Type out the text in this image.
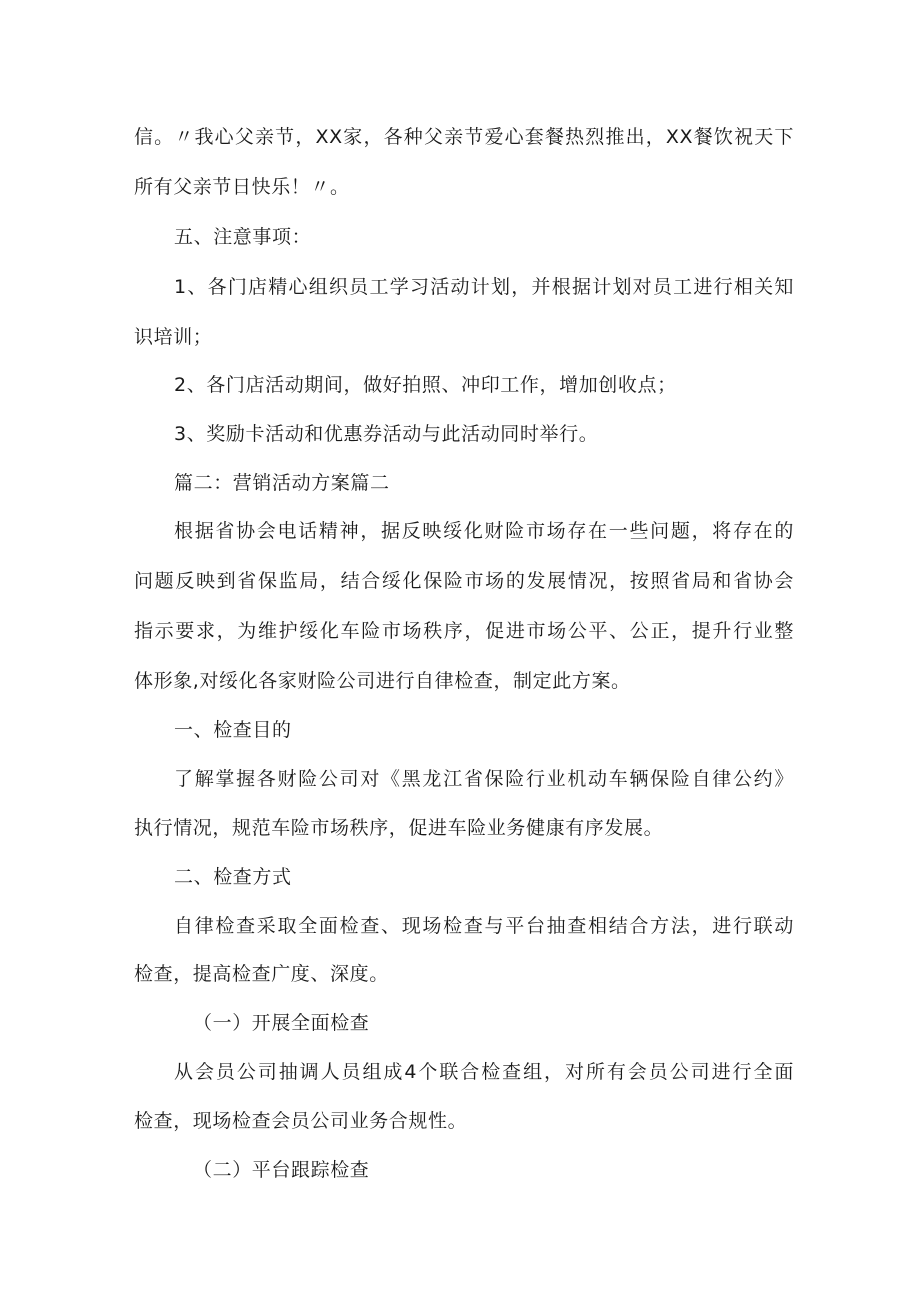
信。〃我心父亲节，XX家，各种父亲节爱心套餐热烈推出，XX餐饮祝天下
所有父亲节日快乐！〃。
五、注意事项：
1、各门店精心组织员工学习活动计划，并根据计划对员工进行相关知
识培训；
2、各门店活动期间，做好拍照、冲印工作，增加创收点；
3、奖励卡活动和优惠券活动与此活动同时举行。
篇二：营销活动方案篇二
根据省协会电话精神，据反映绥化财险市场存在一些问题，将存在的
问题反映到省保监局，结合绥化保险市场的发展情况，按照省局和省协会
指示要求，为维护绥化车险市场秩序，促进市场公平、公正，提升行业整
体形象,对绥化各家财险公司进行自律检查，制定此方案。
一、检查目的
了解掌握各财险公司对《黑龙江省保险行业机动车辆保险自律公约》
执行情况，规范车险市场秩序，促进车险业务健康有序发展。
二、检查方式
自律检查采取全面检查、现场检查与平台抽查相结合方法，进行联动
检查，提高检查广度、深度。
（一）开展全面检查
从会员公司抽调人员组成4个联合检查组，对所有会员公司进行全面
检查，现场检查会员公司业务合规性。
（二）平台跟踪检查
